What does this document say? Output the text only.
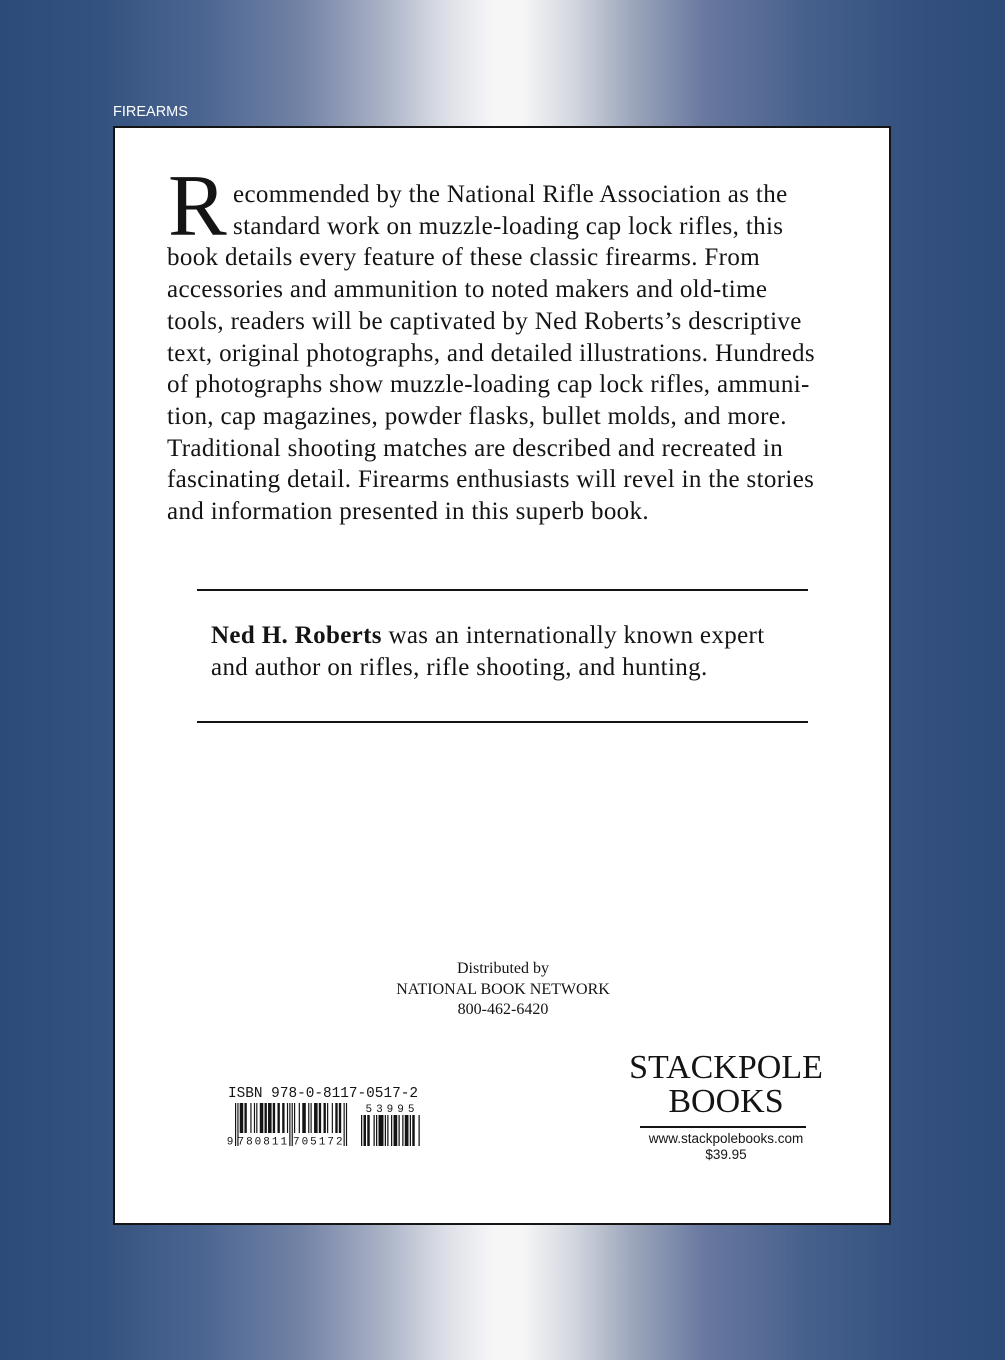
FIREARMS
R ecommended by the National Rifle Association as the
standard work on muzzle-loading cap lock rifles, this
book details every feature of these classic firearms. From
accessories and ammunition to noted makers and old-time
tools, readers will be captivated by Ned Roberts’s descriptive
text, original photographs, and detailed illustrations. Hundreds
of photographs show muzzle-loading cap lock rifles, ammuni-
tion, cap magazines, powder flasks, bullet molds, and more.
Traditional shooting matches are described and recreated in
fascinating detail. Firearms enthusiasts will revel in the stories
and information presented in this superb book.
Ned H. Roberts was an internationally known expert
and author on rifles, rifle shooting, and hunting.
Distributed by
NATIONAL BOOK NETWORK
800-462-6420
ISBN 978-0-8117-0517-2
9 780811 705172
53995
STACKPOLE
BOOKS
www.stackpolebooks.com
$39.95
